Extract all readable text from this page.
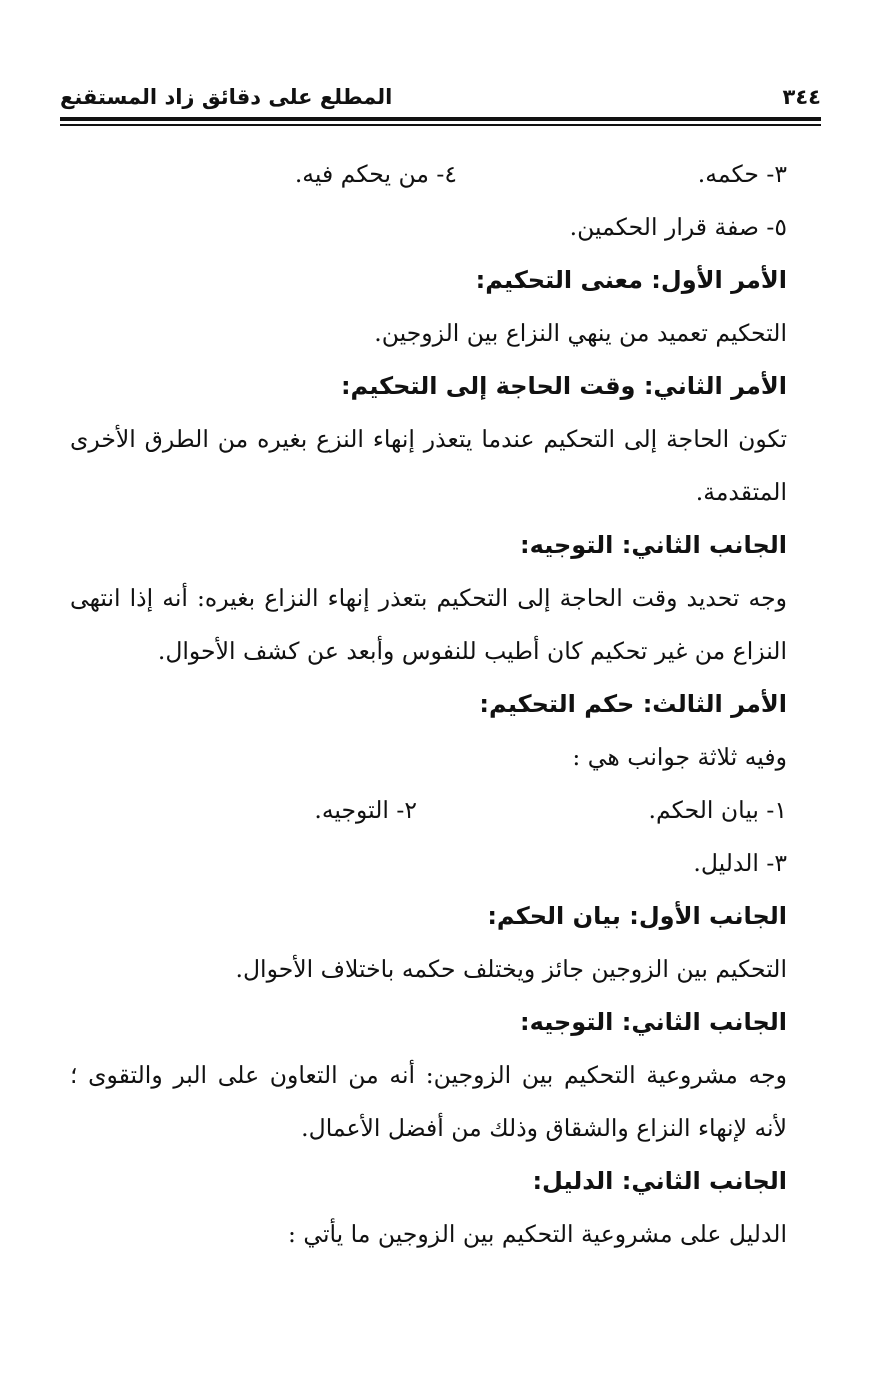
٣٤٤
المطلع على دقائق زاد المستقنع
٣- حكمه.
٤- من يحكم فيه.

٥- صفة قرار الحكمين.

الأمر الأول: معنى التحكيم:

التحكيم تعميد من ينهي النزاع بين الزوجين.

الأمر الثاني: وقت الحاجة إلى التحكيم:

تكون الحاجة إلى التحكيم عندما يتعذر إنهاء النزع بغيره من الطرق الأخرى

المتقدمة.

الجانب الثاني: التوجيه:

وجه تحديد وقت الحاجة إلى التحكيم بتعذر إنهاء النزاع بغيره: أنه إذا انتهى

النزاع من غير تحكيم كان أطيب للنفوس وأبعد عن كشف الأحوال.

الأمر الثالث: حكم التحكيم:

وفيه ثلاثة جوانب هي :

١- بيان الحكم.
٢- التوجيه.

٣- الدليل.

الجانب الأول: بيان الحكم:

التحكيم بين الزوجين جائز ويختلف حكمه باختلاف الأحوال.

الجانب الثاني: التوجيه:

وجه مشروعية التحكيم بين الزوجين: أنه من التعاون على البر والتقوى ؛

لأنه لإنهاء النزاع والشقاق وذلك من أفضل الأعمال.

الجانب الثاني: الدليل:

الدليل على مشروعية التحكيم بين الزوجين ما يأتي :
